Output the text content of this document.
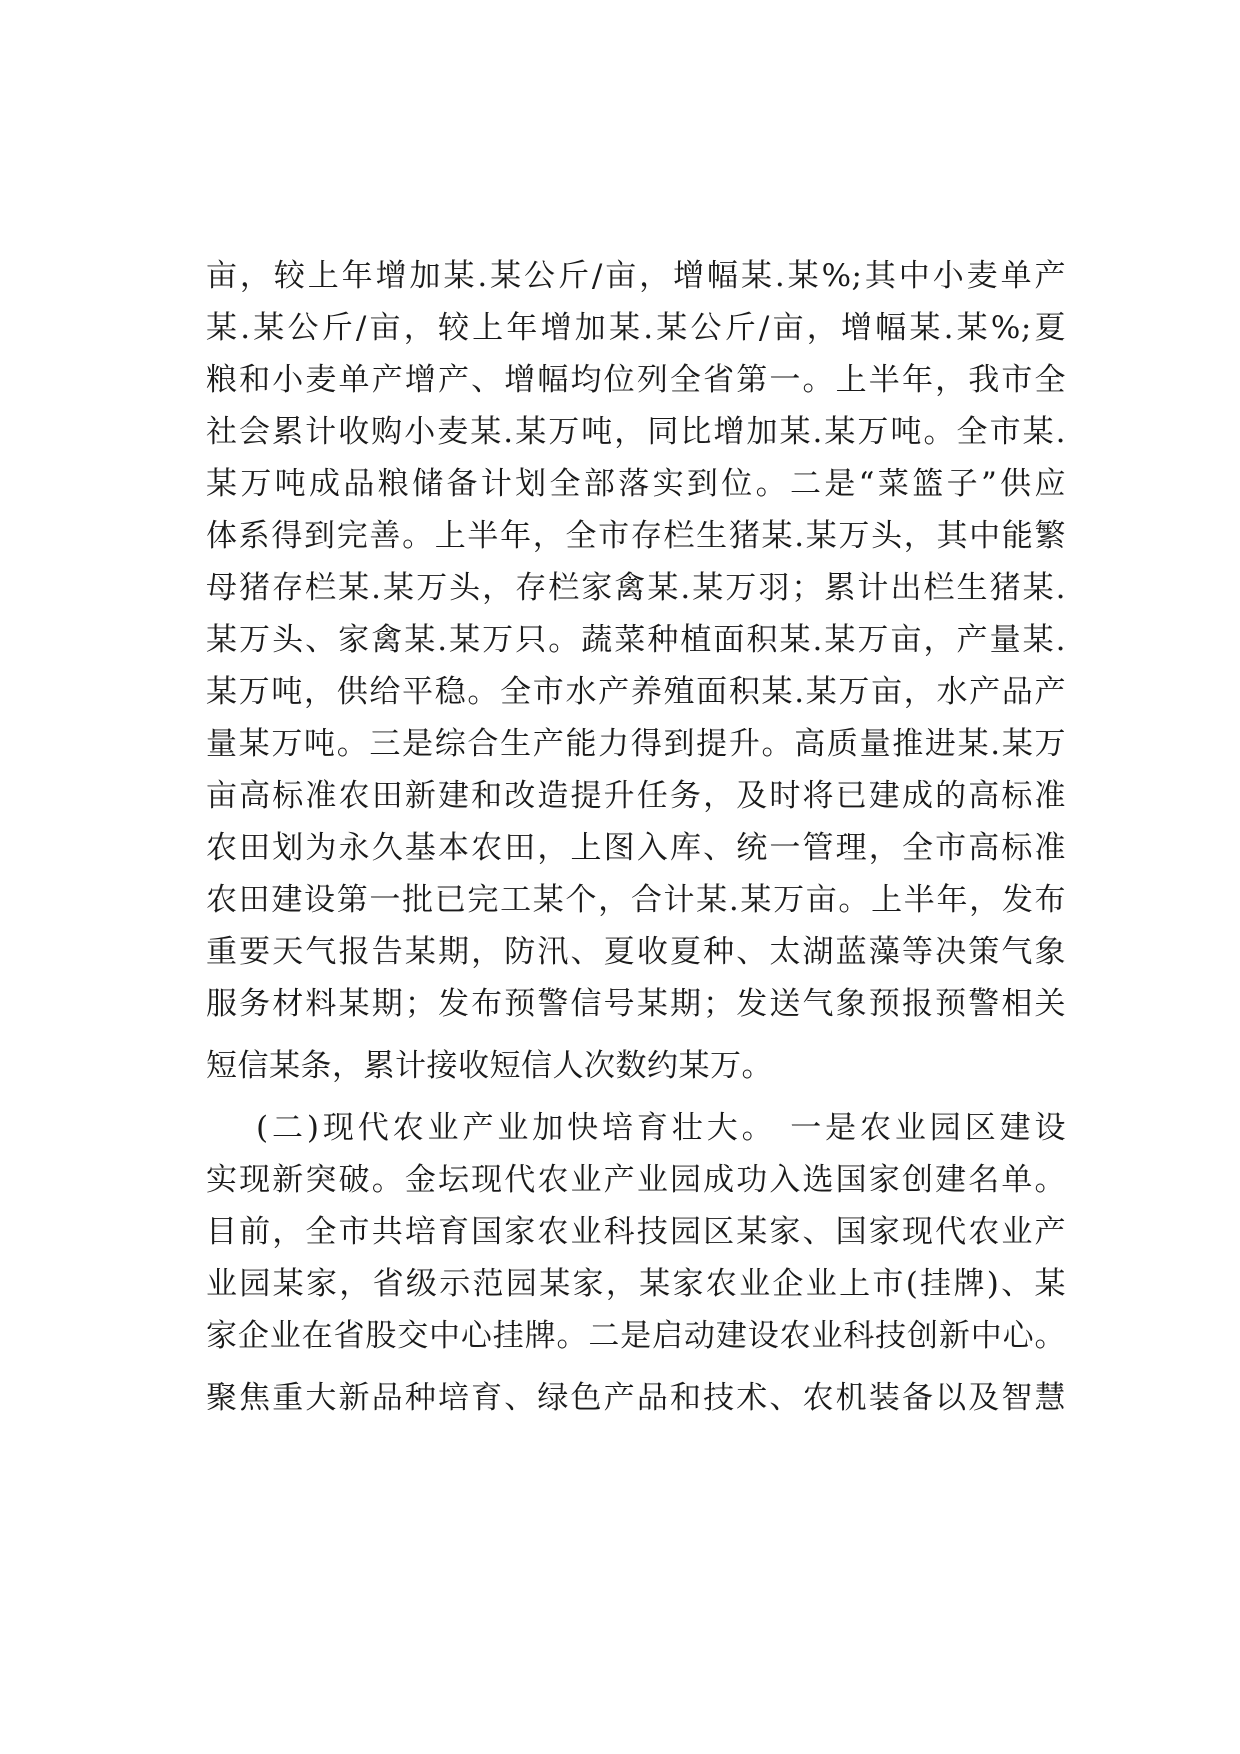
亩，较上年增加某.某公斤/亩，增幅某.某%;其中小麦单产
某.某公斤/亩，较上年增加某.某公斤/亩，增幅某.某%;夏
粮和小麦单产增产、增幅均位列全省第一。上半年，我市全
社会累计收购小麦某.某万吨，同比增加某.某万吨。全市某.
某万吨成品粮储备计划全部落实到位。二是“菜篮子”供应
体系得到完善。上半年，全市存栏生猪某.某万头，其中能繁
母猪存栏某.某万头，存栏家禽某.某万羽；累计出栏生猪某.
某万头、家禽某.某万只。蔬菜种植面积某.某万亩，产量某.
某万吨，供给平稳。全市水产养殖面积某.某万亩，水产品产
量某万吨。三是综合生产能力得到提升。高质量推进某.某万
亩高标准农田新建和改造提升任务，及时将已建成的高标准
农田划为永久基本农田，上图入库、统一管理，全市高标准
农田建设第一批已完工某个，合计某.某万亩。上半年，发布
重要天气报告某期，防汛、夏收夏种、太湖蓝藻等决策气象
服务材料某期；发布预警信号某期；发送气象预报预警相关
短信某条，累计接收短信人次数约某万。
(二)现代农业产业加快培育壮大。 一是农业园区建设
实现新突破。金坛现代农业产业园成功入选国家创建名单。
目前，全市共培育国家农业科技园区某家、国家现代农业产
业园某家，省级示范园某家，某家农业企业上市(挂牌)、某
家企业在省股交中心挂牌。二是启动建设农业科技创新中心。
聚焦重大新品种培育、绿色产品和技术、农机装备以及智慧
